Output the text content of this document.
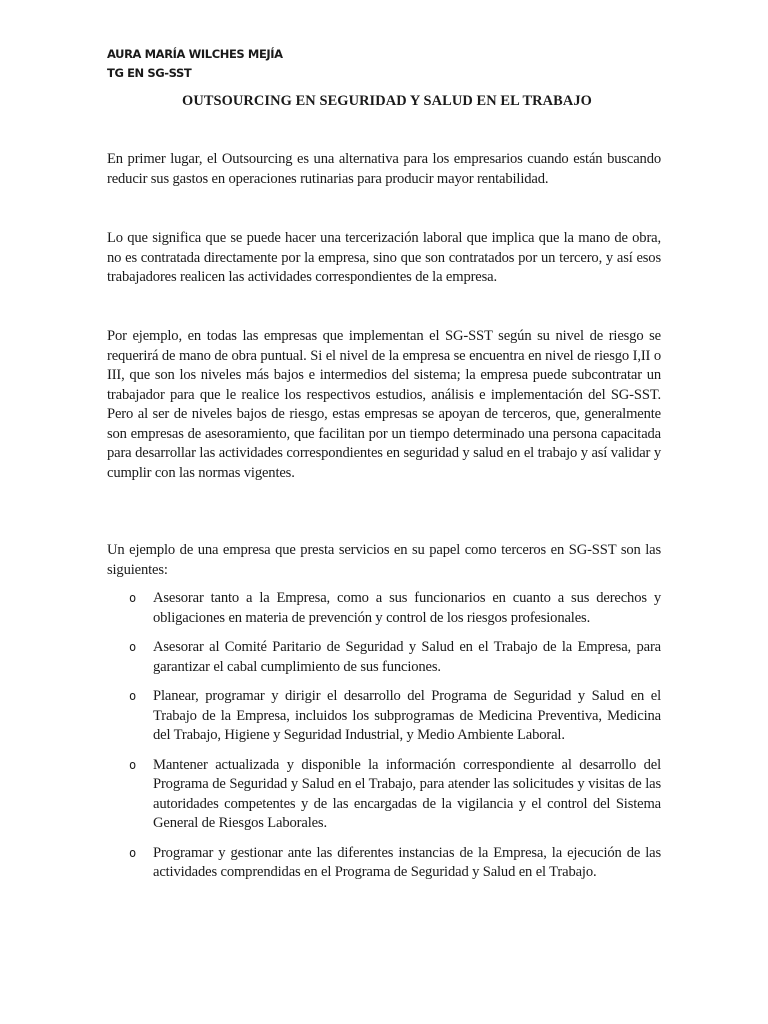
AURA MARÍA WILCHES MEJÍA
TG EN SG-SST
OUTSOURCING EN SEGURIDAD Y SALUD EN EL TRABAJO

En primer lugar, el Outsourcing es una alternativa para los empresarios cuando están buscando reducir sus gastos en operaciones rutinarias para producir mayor rentabilidad.

Lo que significa que se puede hacer una tercerización laboral que implica que la mano de obra, no es contratada directamente por la empresa, sino que son contratados por un tercero, y así esos trabajadores realicen las actividades correspondientes de la empresa.

Por ejemplo, en todas las empresas que implementan el SG-SST según su nivel de riesgo se requerirá de mano de obra puntual. Si el nivel de la empresa se encuentra en nivel de riesgo I,II o III, que son los niveles más bajos e intermedios del sistema; la empresa puede subcontratar un trabajador para que le realice los respectivos estudios, análisis e implementación del SG-SST. Pero al ser de niveles bajos de riesgo, estas empresas se apoyan de terceros, que, generalmente son empresas de asesoramiento, que facilitan por un tiempo determinado una persona capacitada para desarrollar las actividades correspondientes en seguridad y salud en el trabajo y así validar y cumplir con las normas vigentes.

Un ejemplo de una empresa que presta servicios en su papel como terceros en SG-SST son las siguientes:

o Asesorar tanto a la Empresa, como a sus funcionarios en cuanto a sus derechos y obligaciones en materia de prevención y control de los riesgos profesionales.
o Asesorar al Comité Paritario de Seguridad y Salud en el Trabajo de la Empresa, para garantizar el cabal cumplimiento de sus funciones.
o Planear, programar y dirigir el desarrollo del Programa de Seguridad y Salud en el Trabajo de la Empresa, incluidos los subprogramas de Medicina Preventiva, Medicina del Trabajo, Higiene y Seguridad Industrial, y Medio Ambiente Laboral.
o Mantener actualizada y disponible la información correspondiente al desarrollo del Programa de Seguridad y Salud en el Trabajo, para atender las solicitudes y visitas de las autoridades competentes y de las encargadas de la vigilancia y el control del Sistema General de Riesgos Laborales.
o Programar y gestionar ante las diferentes instancias de la Empresa, la ejecución de las actividades comprendidas en el Programa de Seguridad y Salud en el Trabajo.
